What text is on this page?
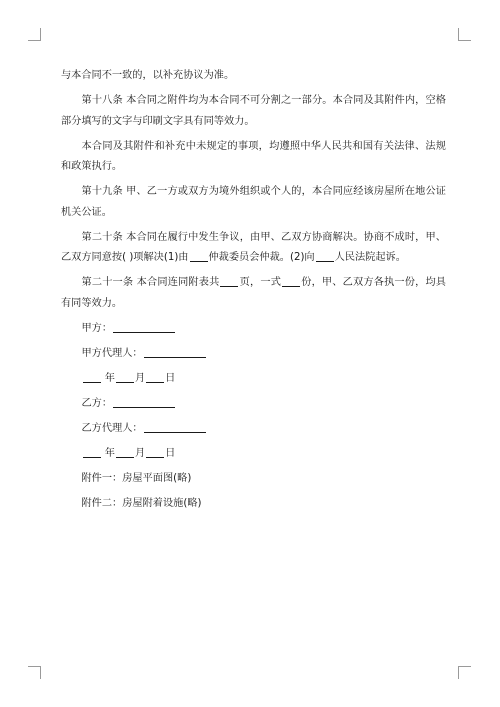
与本合同不一致的，以补充协议为准。

第十八条 本合同之附件均为本合同不可分割之一部分。本合同及其附件内，空格部分填写的文字与印刷文字具有同等效力。

本合同及其附件和补充中未规定的事项，均遵照中华人民共和国有关法律、法规和政策执行。

第十九条 甲、乙一方或双方为境外组织或个人的，本合同应经该房屋所在地公证机关公证。

第二十条 本合同在履行中发生争议，由甲、乙双方协商解决。协商不成时，甲、乙双方同意按( )项解决(1)由 仲裁委员会仲裁。(2)向 人民法院起诉。

第二十一条 本合同连同附表共 页，一式 份，甲、乙双方各执一份，均具有同等效力。

甲方：
甲方代理人：
年 月 日
乙方：
乙方代理人：
年 月 日
附件一：房屋平面图(略)
附件二：房屋附着设施(略)
